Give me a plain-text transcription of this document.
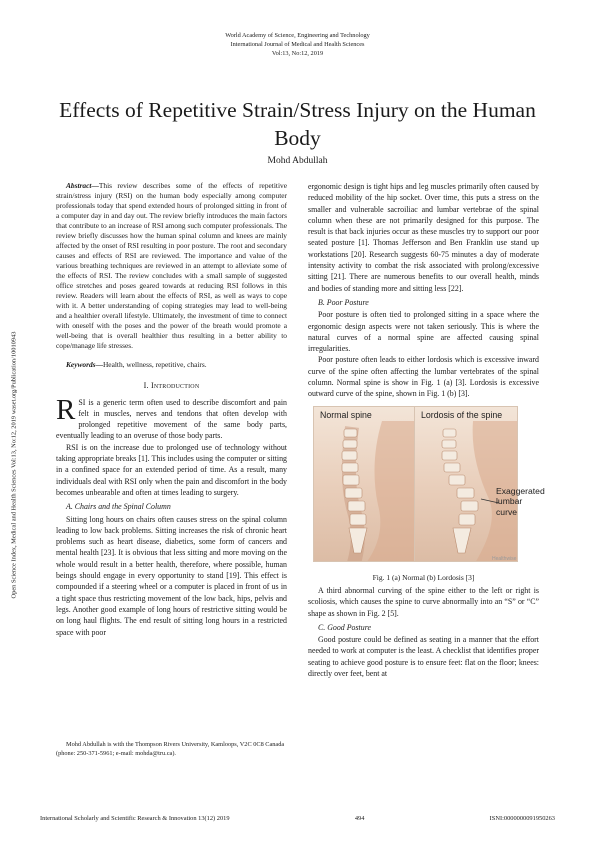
World Academy of Science, Engineering and Technology
International Journal of Medical and Health Sciences
Vol:13, No:12, 2019
Effects of Repetitive Strain/Stress Injury on the Human Body
Mohd Abdullah
Open Science Index, Medical and Health Sciences Vol:13, No:12, 2019 waset.org/Publication/10010943
Abstract—This review describes some of the effects of repetitive strain/stress injury (RSI) on the human body especially among computer professionals today that spend extended hours of prolonged sitting in front of a computer day in and day out. The review briefly introduces the main factors that contribute to an increase of RSI among such computer professionals. The review briefly discusses how the human spinal column and knees are mainly affected by the onset of RSI resulting in poor posture. The root and secondary causes and effects of RSI are reviewed. The importance and value of the various breathing techniques are reviewed in an attempt to alleviate some of the effects of RSI. The review concludes with a small sample of suggested office stretches and poses geared towards at reducing RSI follows in this review. Readers will learn about the effects of RSI, as well as ways to cope with it. A better understanding of coping strategies may lead to well-being and a healthier overall lifestyle. Ultimately, the investment of time to connect with oneself with the poses and the power of the breath would promote a well-being that is overall healthier thus resulting in a better ability to cope/manage life stresses.
Keywords—Health, wellness, repetitive, chairs.
I. Introduction

RSI is a generic term often used to describe discomfort and pain felt in muscles, nerves and tendons that often develop with prolonged repetitive movement of the same body parts, eventually leading to an overuse of those body parts.

RSI is on the increase due to prolonged use of technology without taking appropriate breaks [1]. This includes using the computer or sitting in a confined space for an extended period of time. As a result, many individuals deal with RSI only when the pain and discomfort in the body becomes unbearable and often at times leading to surgery.

A. Chairs and the Spinal Column

Sitting long hours on chairs often causes stress on the spinal column leading to low back problems. Sitting increases the risk of chronic heart problems such as heart disease, diabetics, some form of cancers and mental health [23]. It is obvious that less sitting and more moving on the whole would result in a better health, therefore, where possible, human beings should engage in every opportunity to stand [19]. This effect is compounded if a steering wheel or a computer is placed in front of us in a tight space thus restricting movement of the low back, hips, pelvis and legs. Another good example of long hours of restrictive sitting would be on long haul flights. The end result of sitting long hours in a restricted space with poor

Mohd Abdullah is with the Thompson Rivers University, Kamloops, V2C 0C8 Canada (phone: 250-371-5961; e-mail: mohda@tru.ca).

ergonomic design is tight hips and leg muscles primarily often caused by reduced mobility of the hip socket. Over time, this puts a stress on the smaller and vulnerable sacroiliac and lumbar vertebrae of the spinal column when these are not primarily designed for this purpose. The result is that back injuries occur as these muscles try to support our poor seated posture [1]. Thomas Jefferson and Ben Franklin use stand up workstations [20]. Research suggests 60-75 minutes a day of moderate intensity activity to combat the risk associated with prolong/excessive sitting [21]. There are numerous benefits to our overall health, minds and bodies of standing more and sitting less [22].

B. Poor Posture

Poor posture is often tied to prolonged sitting in a space where the ergonomic design aspects were not taken seriously. This is where the natural curves of a normal spine are affected causing spinal irregularities.

Poor posture often leads to either lordosis which is excessive inward curve of the spine often affecting the lumbar vertebrates of the spinal column. Normal spine is show in Fig. 1 (a) [3]. Lordosis is excessive outward curve of the spine, shown in Fig. 1 (b) [3].

Normal spine	Lordosis of the spine
Exaggerated
lumbar
curve
Healthwise
Fig. 1 (a) Normal (b) Lordosis [3]

A third abnormal curving of the spine either to the left or right is scoliosis, which causes the spine to curve abnormally into an “S” or “C” shape as shown in Fig. 2 [5].

C. Good Posture

Good posture could be defined as seating in a manner that the effort needed to work at computer is the least. A checklist that identifies proper seating to achieve good posture is to ensure feet: flat on the floor; knees: directly over feet, bent at

International Scholarly and Scientific Research & Innovation 13(12) 2019	494	ISNI:0000000091950263
